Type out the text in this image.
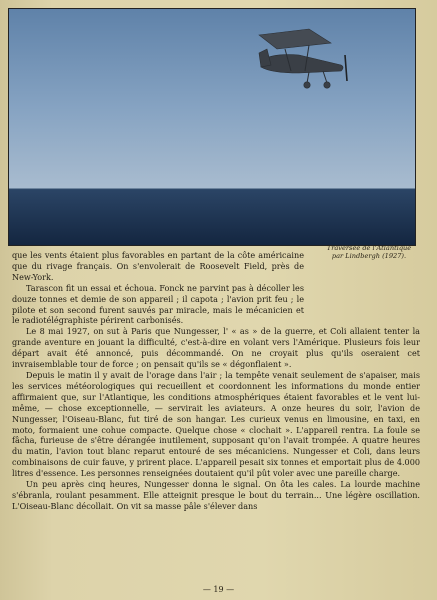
Traversée de l'Atlantique
par Lindbergh (1927).

que les vents étaient plus favorables en partant de la côte américaine que du rivage français. On s'envolerait de Roosevelt Field, près de New-York.

Tarascon fit un essai et échoua. Fonck ne parvint pas à décoller les douze tonnes et demie de son appareil ; il capota ; l'avion prit feu ; le pilote et son second furent sauvés par miracle, mais le mécanicien et le radiotélégraphiste périrent carbonisés.

Le 8 mai 1927, on sut à Paris que Nungesser, l' « as » de la guerre, et Coli allaient tenter la grande aventure en jouant la difficulté, c'est-à-dire en volant vers l'Amérique. Plusieurs fois leur départ avait été annoncé, puis décommandé. On ne croyait plus qu'ils oseraient cet invraisemblable tour de force ; on pensait qu'ils se « dégonflaient ».

Depuis le matin il y avait de l'orage dans l'air ; la tempête venait seulement de s'apaiser, mais les services météorologiques qui recueillent et coordonnent les informations du monde entier affirmaient que, sur l'Atlantique, les conditions atmosphériques étaient favorables et le vent lui-même, — chose exceptionnelle, — servirait les aviateurs. A onze heures du soir, l'avion de Nungesser, l'Oiseau-Blanc, fut tiré de son hangar. Les curieux venus en limousine, en taxi, en moto, formaient une cohue compacte. Quelque chose « clochait ». L'appareil rentra. La foule se fâcha, furieuse de s'être dérangée inutilement, supposant qu'on l'avait trompée. A quatre heures du matin, l'avion tout blanc reparut entouré de ses mécaniciens. Nungesser et Coli, dans leurs combinaisons de cuir fauve, y prirent place. L'appareil pesait six tonnes et emportait plus de 4.000 litres d'essence. Les personnes renseignées doutaient qu'il pût voler avec une pareille charge.

Un peu après cinq heures, Nungesser donna le signal. On ôta les cales. La lourde machine s'ébranla, roulant pesamment. Elle atteignit presque le bout du terrain... Une légère oscillation. L'Oiseau-Blanc décollait. On vit sa masse pâle s'élever dans

— 19 —
